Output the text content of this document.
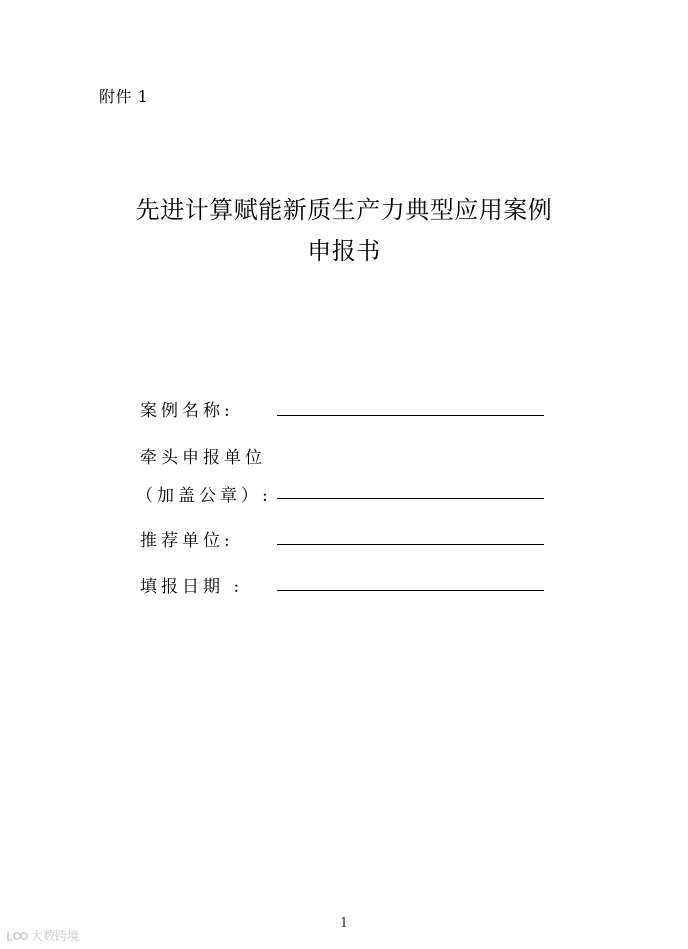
附件 1
先进计算赋能新质生产力典型应用案例
申报书
案例名称:
牵头申报单位
（加盖公章）:
推荐单位:
填报日期 :
1
大数跨境
